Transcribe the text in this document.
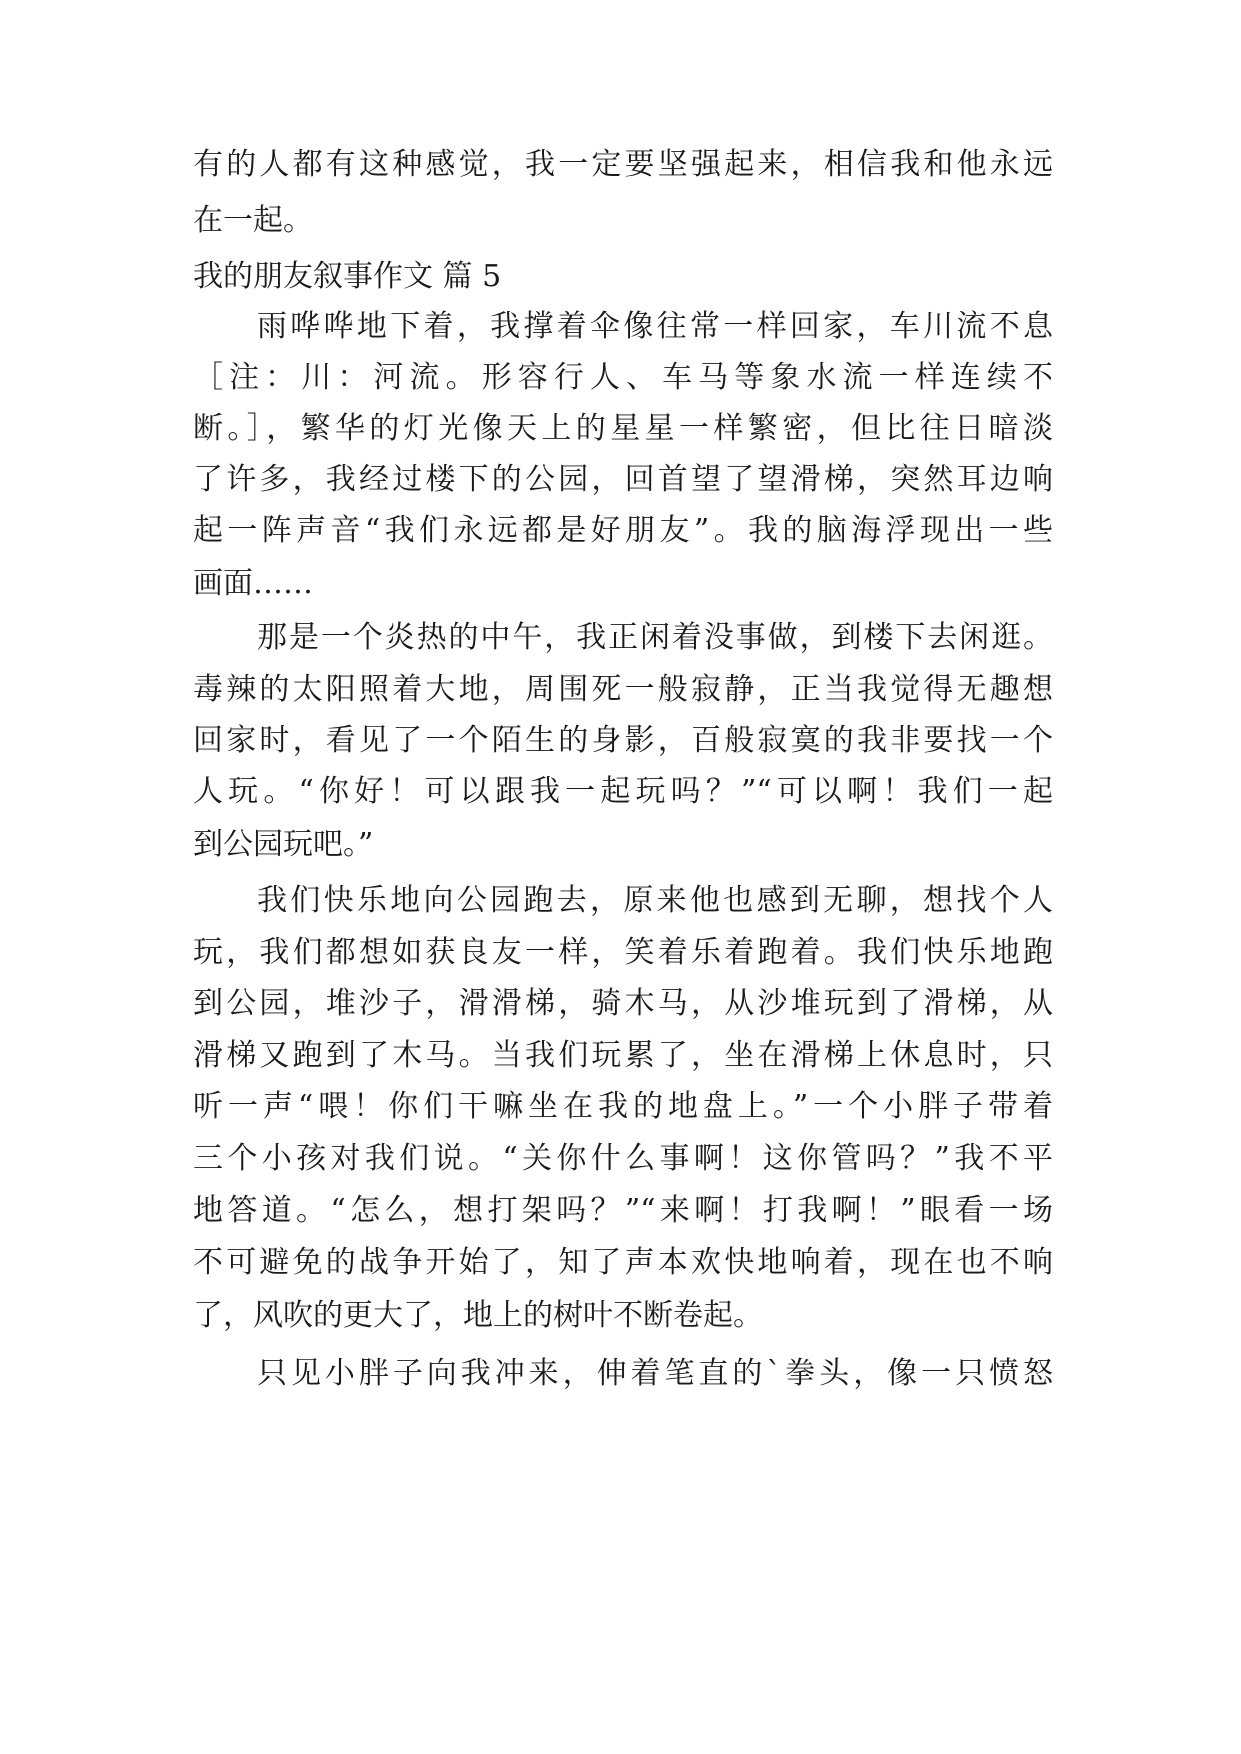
有的人都有这种感觉，我一定要坚强起来，相信我和他永远
在一起。
我的朋友叙事作文 篇 5
雨哗哗地下着，我撑着伞像往常一样回家，车川流不息
［注：川：河流。形容行人、车马等象水流一样连续不
断。］，繁华的灯光像天上的星星一样繁密，但比往日暗淡
了许多，我经过楼下的公园，回首望了望滑梯，突然耳边响
起一阵声音“我们永远都是好朋友”。我的脑海浮现出一些
画面……
那是一个炎热的中午，我正闲着没事做，到楼下去闲逛。
毒辣的太阳照着大地，周围死一般寂静，正当我觉得无趣想
回家时，看见了一个陌生的身影，百般寂寞的我非要找一个
人玩。“你好！可以跟我一起玩吗？”“可以啊！我们一起
到公园玩吧。”
我们快乐地向公园跑去，原来他也感到无聊，想找个人
玩，我们都想如获良友一样，笑着乐着跑着。我们快乐地跑
到公园，堆沙子，滑滑梯，骑木马，从沙堆玩到了滑梯，从
滑梯又跑到了木马。当我们玩累了，坐在滑梯上休息时，只
听一声“喂！你们干嘛坐在我的地盘上。”一个小胖子带着
三个小孩对我们说。“关你什么事啊！这你管吗？”我不平
地答道。“怎么，想打架吗？”“来啊！打我啊！”眼看一场
不可避免的战争开始了，知了声本欢快地响着，现在也不响
了，风吹的更大了，地上的树叶不断卷起。
只见小胖子向我冲来，伸着笔直的`拳头，像一只愤怒
